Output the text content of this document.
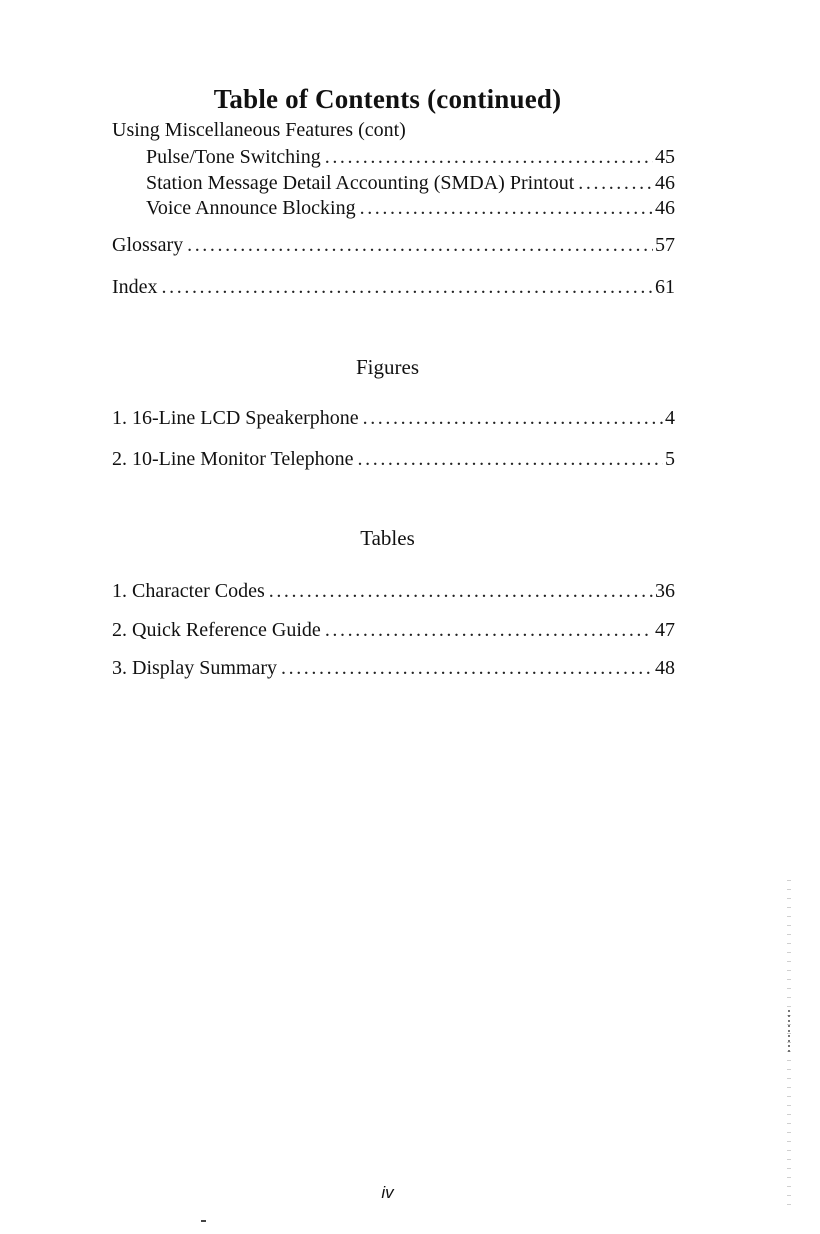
Table of Contents (continued)
Using Miscellaneous Features (cont)
Pulse/Tone Switching . . .	45
Station Message Detail Accounting (SMDA) Printout . . .	46
Voice Announce Blocking . . .	46
Glossary . . .	57
Index . . .	61
Figures
1. 16-Line LCD Speakerphone . . .	4
2. 10-Line Monitor Telephone . . .	5
Tables
1. Character Codes . . .	36
2. Quick Reference Guide . . .	47
3. Display Summary . . .	48
iv
